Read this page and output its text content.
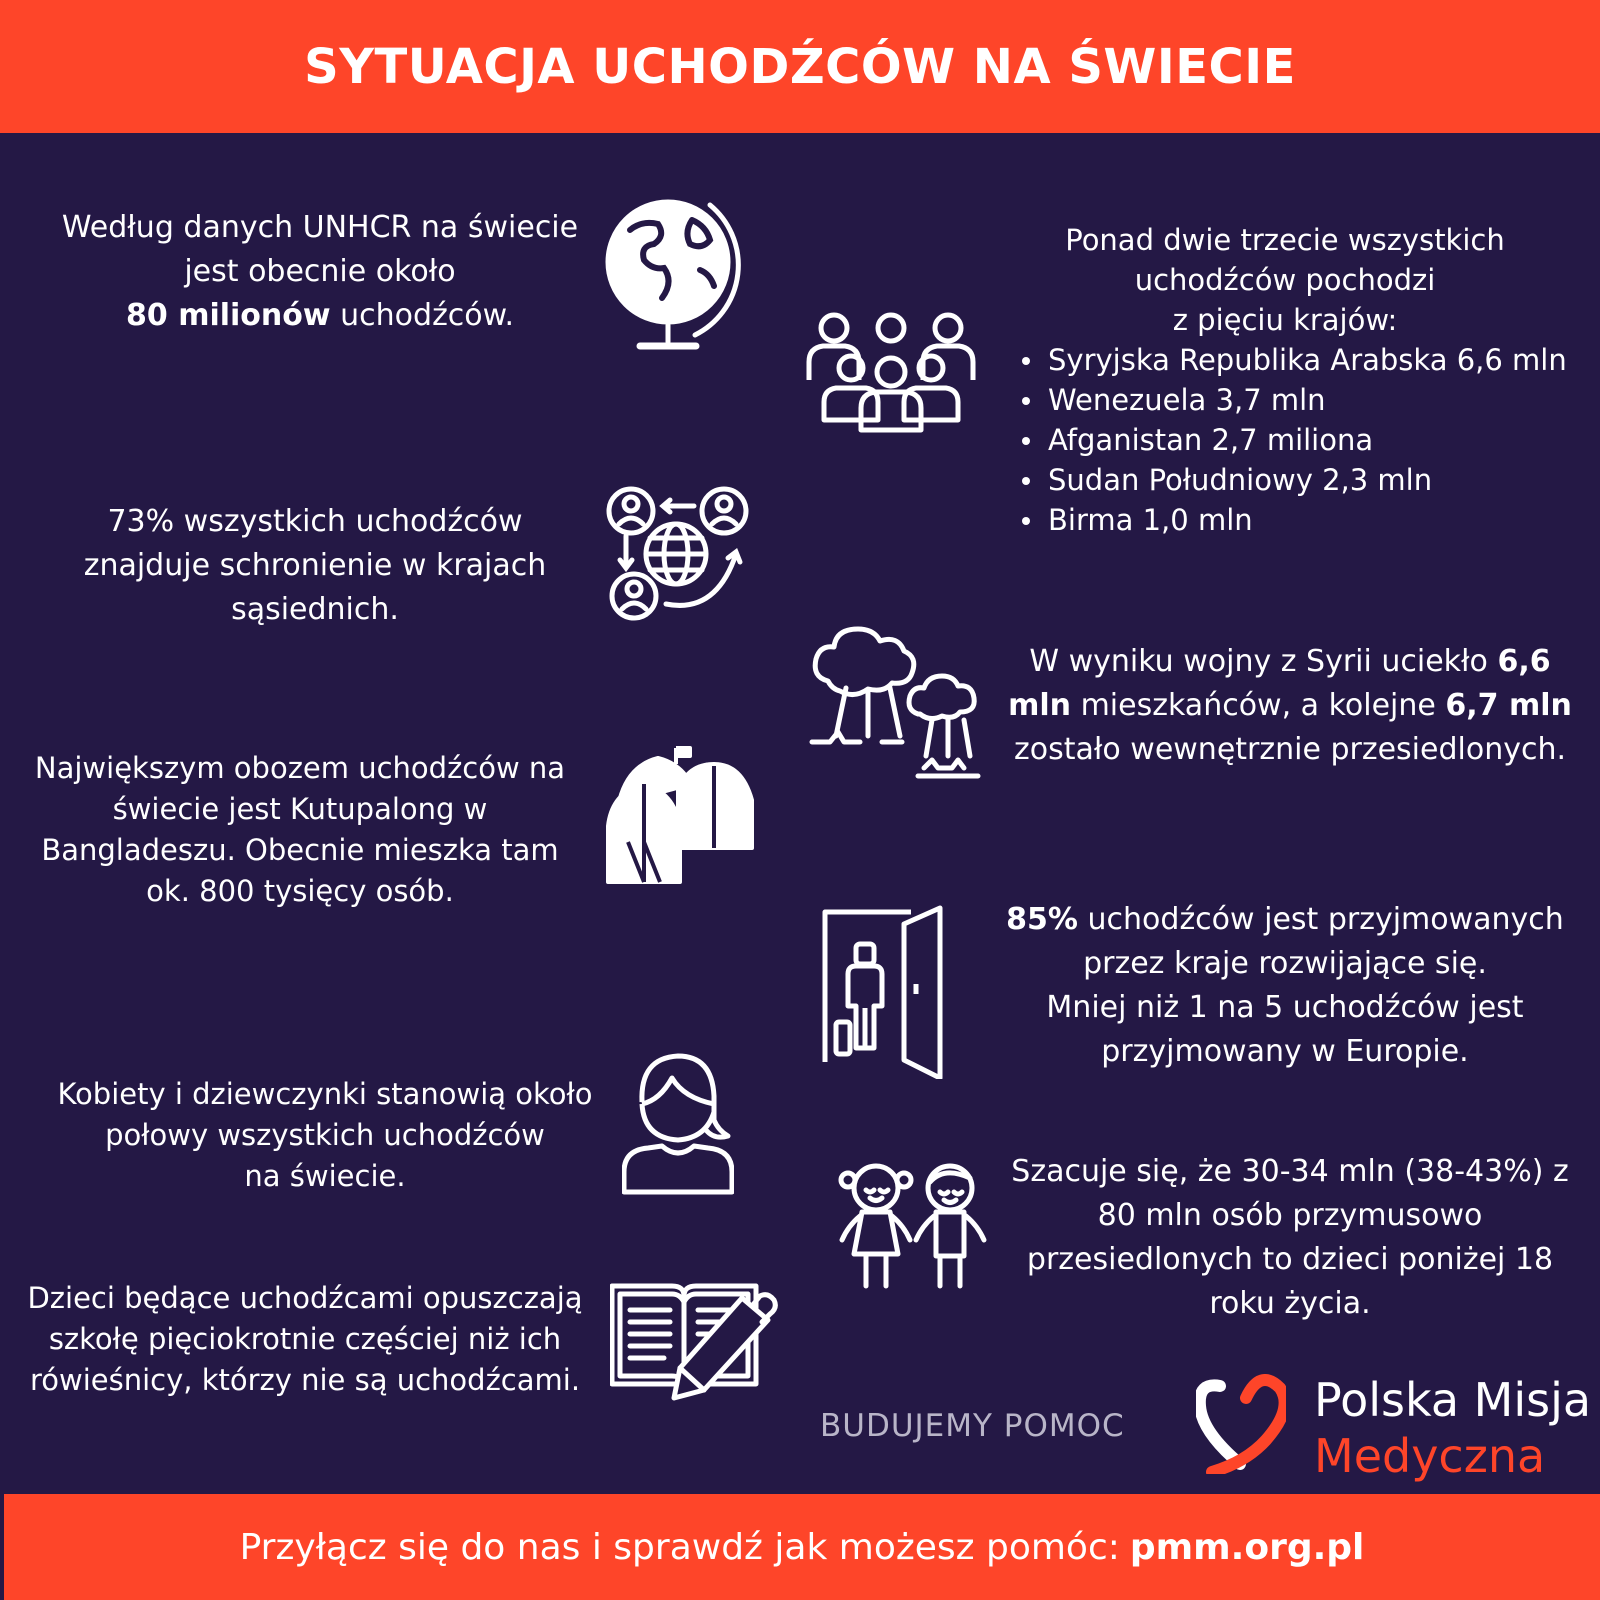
SYTUACJA UCHODŹCÓW NA ŚWIECIE
Według danych UNHCR na świecie
jest obecnie około
80 milionów uchodźców.
73% wszystkich uchodźców
znajduje schronienie w krajach
sąsiednich.
Największym obozem uchodźców na
świecie jest Kutupalong w
Bangladeszu. Obecnie mieszka tam
ok. 800 tysięcy osób.
Kobiety i dziewczynki stanowią około
połowy wszystkich uchodźców
na świecie.
Dzieci będące uchodźcami opuszczają
szkołę pięciokrotnie częściej niż ich
rówieśnicy, którzy nie są uchodźcami.
Ponad dwie trzecie wszystkich
uchodźców pochodzi
z pięciu krajów:
Syryjska Republika Arabska 6,6 mln
Wenezuela 3,7 mln
Afganistan 2,7 miliona
Sudan Południowy 2,3 mln
Birma 1,0 mln
W wyniku wojny z Syrii uciekło 6,6
mln mieszkańców, a kolejne 6,7 mln
zostało wewnętrznie przesiedlonych.
85% uchodźców jest przyjmowanych
przez kraje rozwijające się.
Mniej niż 1 na 5 uchodźców jest
przyjmowany w Europie.
Szacuje się, że 30-34 mln (38-43%) z
80 mln osób przymusowo
przesiedlonych to dzieci poniżej 18
roku życia.
BUDUJEMY POMOC	Polska Misja
Medyczna
Przyłącz się do nas i sprawdź jak możesz pomóc: pmm.org.pl
